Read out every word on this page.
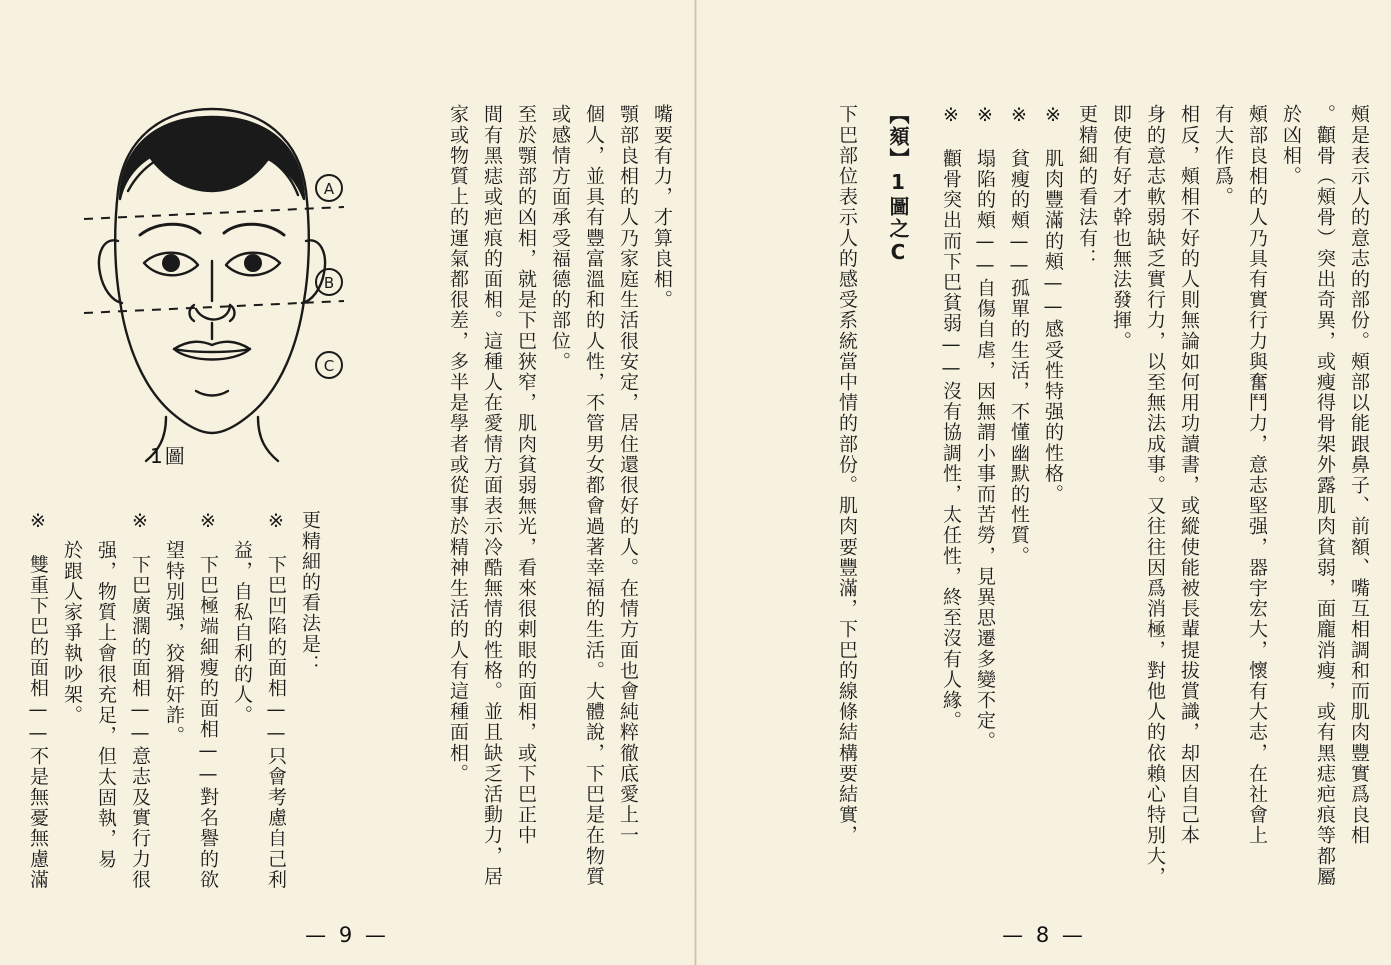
頰是表示人的意志的部份。頰部以能跟鼻子、前額、嘴互相調和而肌肉豐實爲良相
。顴骨（頰骨）突出奇異，或瘦得骨架外露肌肉貧弱，面龐消瘦，或有黑痣疤痕等都屬
於凶相。
頰部良相的人乃具有實行力與奮鬥力，意志堅强，器宇宏大，懷有大志，在社會上
有大作爲。
相反，頰相不好的人則無論如何用功讀書，或縱使能被長輩提拔賞識，却因自己本
身的意志軟弱缺乏實行力，以至無法成事。又往往因爲消極，對他人的依賴心特別大，
即使有好才幹也無法發揮。
更精細的看法有：
※　肌肉豐滿的頰——感受性特强的性格。
※　貧瘦的頰——孤單的生活，不懂幽默的性質。
※　塌陷的頰——自傷自虐，因無謂小事而苦勞，見異思遷多變不定。
※　顴骨突出而下巴貧弱——沒有協調性，太任性，終至沒有人緣。
【頦】1圖之C
下巴部位表示人的感受系統當中情的部份。肌肉要豐滿，下巴的線條結構要結實，
— 8 —
A
B
C
1圖
嘴要有力，才算良相。
顎部良相的人乃家庭生活很安定，居住還很好的人。在情方面也會純粹徹底愛上一
個人，並具有豐富溫和的人性，不管男女都會過著幸福的生活。大體說，下巴是在物質
或感情方面承受福德的部位。
至於顎部的凶相，就是下巴狹窄，肌肉貧弱無光，看來很剌眼的面相，或下巴正中
間有黑痣或疤痕的面相。這種人在愛情方面表示冷酷無情的性格。並且缺乏活動力，居
家或物質上的運氣都很差，多半是學者或從事於精神生活的人有這種面相。
更精細的看法是：
※　下巴凹陷的面相——只會考慮自己利
益，自私自利的人。
※　下巴極端細瘦的面相——對名譽的欲
望特別强，狡猾奸詐。
※　下巴廣濶的面相——意志及實行力很
强，物質上會很充足，但太固執，易
於跟人家爭執吵架。
※　雙重下巴的面相——不是無憂無慮滿
— 9 —
